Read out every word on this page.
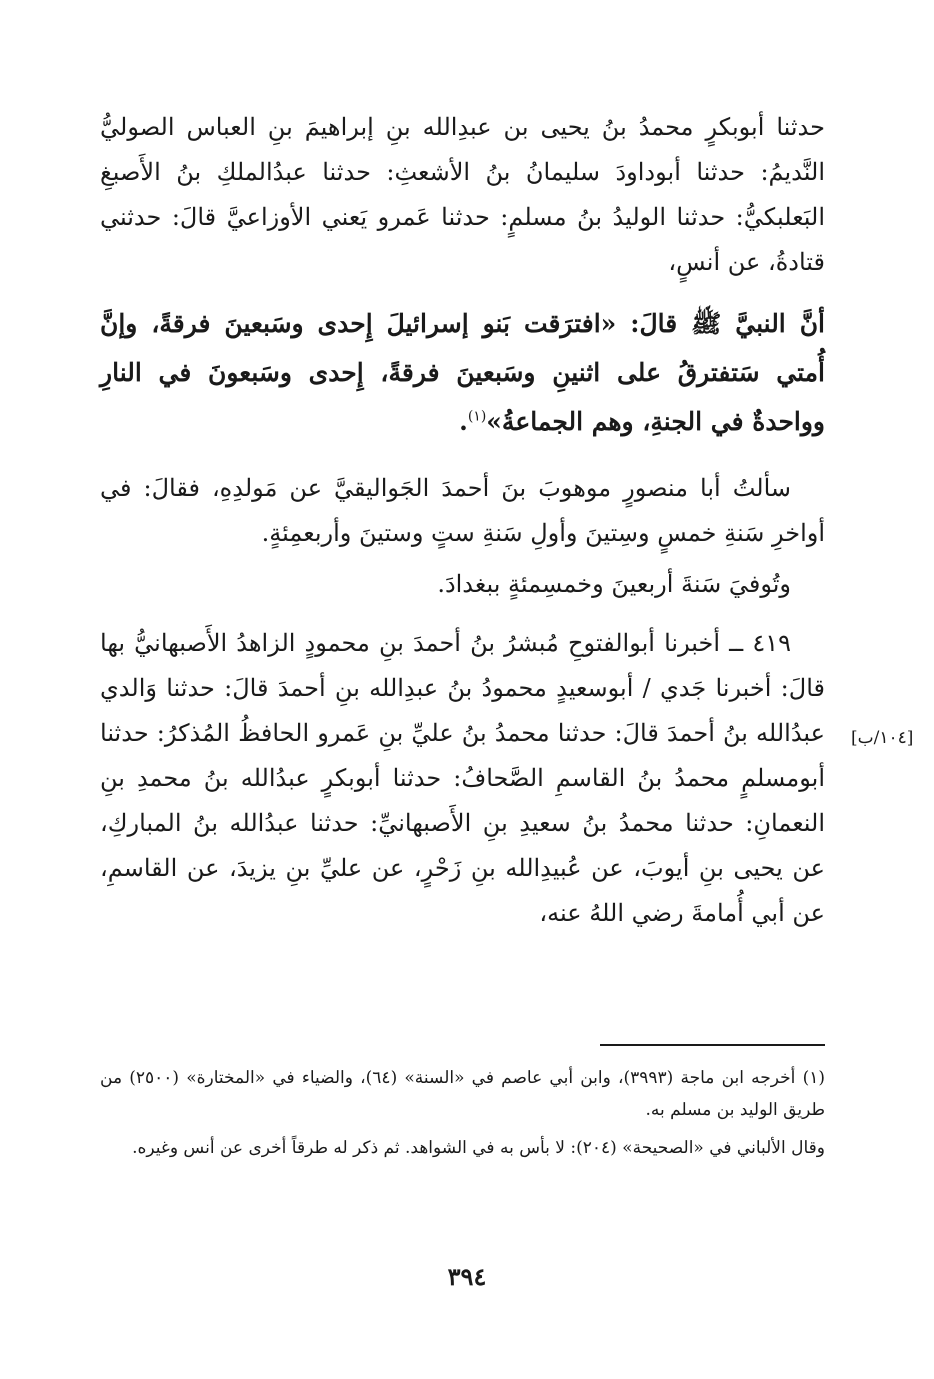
حدثنا أبوبكرٍ محمدُ بنُ يحيى بن عبدِالله بنِ إبراهيمَ بنِ العباس الصوليُّ النَّديمُ: حدثنا أبوداودَ سليمانُ بنُ الأشعثِ: حدثنا عبدُالملكِ بنُ الأَصبغِ البَعلبكيُّ: حدثنا الوليدُ بنُ مسلمٍ: حدثنا عَمرو يَعني الأوزاعيَّ قالَ: حدثني قتادةُ، عن أنسٍ،

أنَّ النبيَّ ﷺ قالَ: «افترَقت بَنو إسرائيلَ إِحدى وسَبعينَ فرقةً، وإنَّ أُمتي سَتفترقُ على اثنينِ وسَبعينَ فرقةً، إِحدى وسَبعونَ في النارِ وواحدةٌ في الجنةِ، وهم الجماعةُ»$^{(١)}$.

سألتُ أبا منصورٍ موهوبَ بنَ أحمدَ الجَواليقيَّ عن مَولدِهِ، فقالَ: في أواخرِ سَنةِ خمسٍ وسِتينَ وأولِ سَنةِ ستٍ وستينَ وأربعمِئةٍ.

وتُوفيَ سَنةَ أربعينَ وخمسِمئةٍ ببغدادَ.

٤١٩ ــ أخبرنا أبوالفتوحِ مُبشرُ بنُ أحمدَ بنِ محمودٍ الزاهدُ الأَصبهانيُّ بها قالَ: أخبرنا جَدي / أبوسعيدٍ محمودُ بنُ عبدِالله بنِ أحمدَ قالَ: حدثنا وَالدي عبدُالله بنُ أحمدَ قالَ: حدثنا محمدُ بنُ عليِّ بنِ عَمرو الحافظُ المُذكرُ: حدثنا أبومسلمٍ محمدُ بنُ القاسمِ الصَّحافُ: حدثنا أبوبكرٍ عبدُالله بنُ محمدِ بنِ النعمانِ: حدثنا محمدُ بنُ سعيدِ بنِ الأَصبهانيِّ: حدثنا عبدُالله بنُ المباركِ، عن يحيى بنِ أيوبَ، عن عُبيدِالله بنِ زَحْرٍ، عن عليِّ بنِ يزيدَ، عن القاسمِ، عن أبي أُمامةَ رضي اللهُ عنه،

[١٠٤/ب]

(١) أخرجه ابن ماجة (٣٩٩٣)، وابن أبي عاصم في «السنة» (٦٤)، والضياء في «المختارة» (٢٥٠٠) من طريق الوليد بن مسلم به.

وقال الألباني في «الصحيحة» (٢٠٤): لا بأس به في الشواهد. ثم ذكر له طرقاً أخرى عن أنس وغيره.

٣٩٤
